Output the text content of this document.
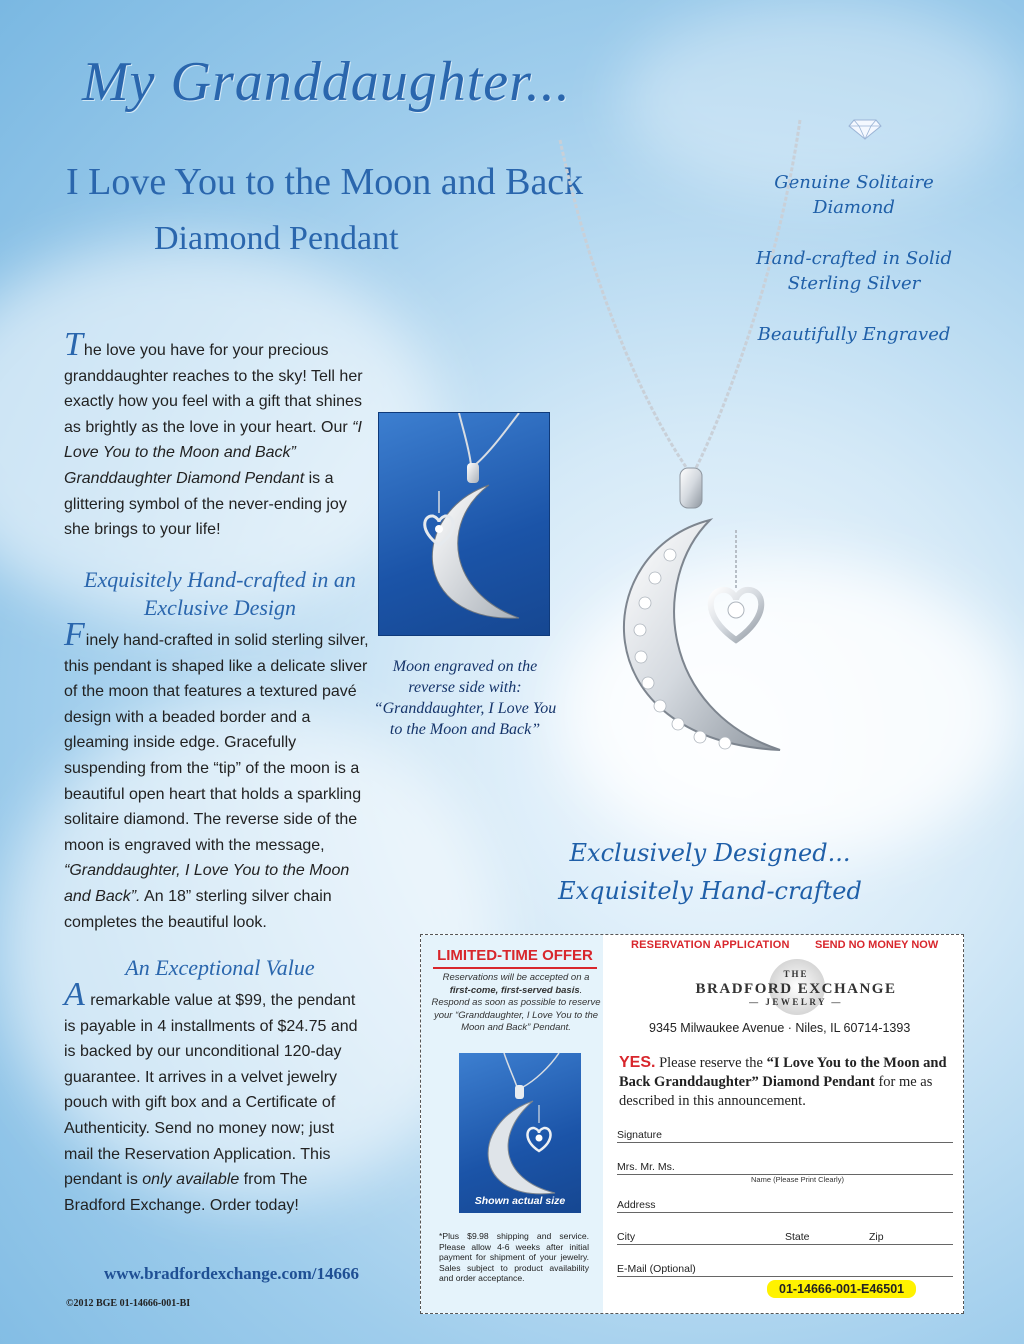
My Granddaughter...
I Love You to the Moon and Back
Diamond Pendant
Genuine Solitaire Diamond
Hand-crafted in Solid Sterling Silver
Beautifully Engraved
The love you have for your precious granddaughter reaches to the sky! Tell her exactly how you feel with a gift that shines as brightly as the love in your heart. Our “I Love You to the Moon and Back” Granddaughter Diamond Pendant is a glittering symbol of the never-ending joy she brings to your life!
Moon engraved on the reverse side with: “Granddaughter, I Love You to the Moon and Back”
Exquisitely Hand-crafted in an Exclusive Design
Finely hand-crafted in solid sterling silver, this pendant is shaped like a delicate sliver of the moon that features a textured pavé design with a beaded border and a gleaming inside edge. Gracefully suspending from the “tip” of the moon is a beautiful open heart that holds a sparkling solitaire diamond. The reverse side of the moon is engraved with the message, “Granddaughter, I Love You to the Moon and Back”. An 18” sterling silver chain completes the beautiful look.
An Exceptional Value
A remarkable value at $99, the pendant is payable in 4 installments of $24.75 and is backed by our unconditional 120-day guarantee. It arrives in a velvet jewelry pouch with gift box and a Certificate of Authenticity. Send no money now; just mail the Reservation Application. This pendant is only available from The Bradford Exchange. Order today!
Exclusively Designed...
Exquisitely Hand-crafted
www.bradfordexchange.com/14666
©2012 BGE 01-14666-001-BI
LIMITED-TIME OFFER
Reservations will be accepted on a first-come, first-served basis. Respond as soon as possible to reserve your “Granddaughter, I Love You to the Moon and Back” Pendant.
Shown actual size
*Plus $9.98 shipping and service. Please allow 4-6 weeks after initial payment for shipment of your jewelry. Sales subject to product availability and order acceptance.
RESERVATION APPLICATION SEND NO MONEY NOW
THE
BRADFORD EXCHANGE
— JEWELRY —
9345 Milwaukee Avenue · Niles, IL 60714-1393
YES. Please reserve the “I Love You to the Moon and Back Granddaughter” Diamond Pendant for me as described in this announcement.
Signature
Mrs. Mr. Ms.
Name (Please Print Clearly)
Address
City	State	Zip
E-Mail (Optional)
01-14666-001-E46501
